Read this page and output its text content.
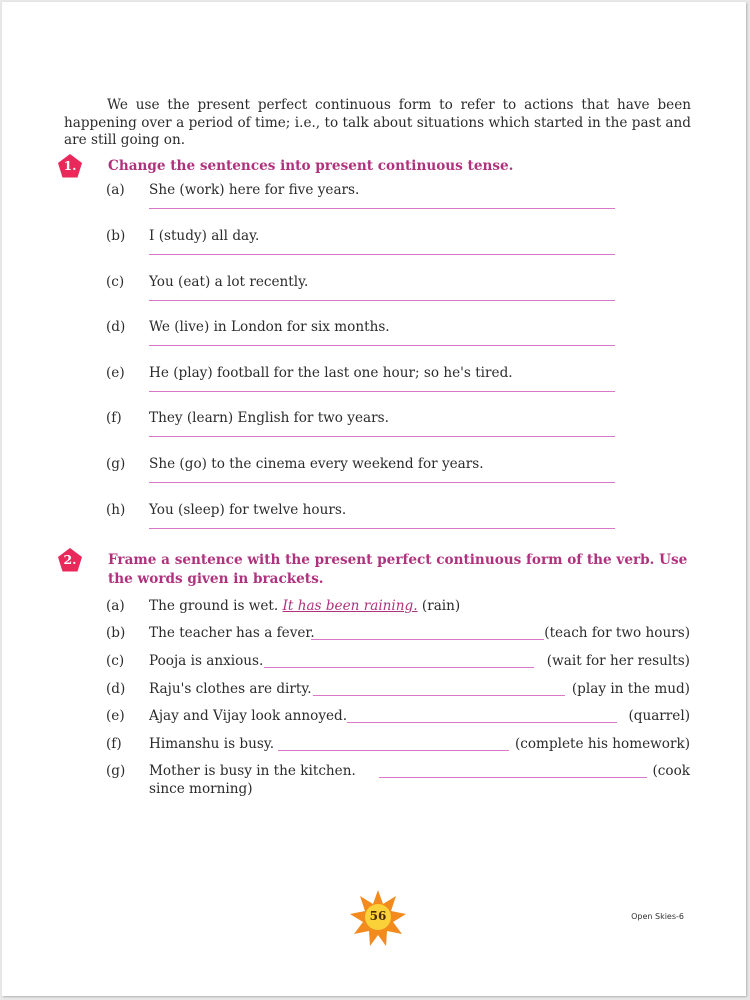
We use the present perfect continuous form to refer to actions that have been happening over a period of time; i.e., to talk about situations which started in the past and are still going on.

1.	Change the sentences into present continuous tense.

(a) She (work) here for five years.
(b) I (study) all day.
(c) You (eat) a lot recently.
(d) We (live) in London for six months.
(e) He (play) football for the last one hour; so he's tired.
(f) They (learn) English for two years.
(g) She (go) to the cinema every weekend for years.
(h) You (sleep) for twelve hours.
2.	Frame a sentence with the present perfect continuous form of the verb. Use the words given in brackets.

(a) The ground is wet. It has been raining. (rain)
(b) The teacher has a fever.	(teach for two hours)
(c) Pooja is anxious.	(wait for her results)
(d) Raju's clothes are dirty.	(play in the mud)
(e) Ajay and Vijay look annoyed.	(quarrel)
(f) Himanshu is busy.	(complete his homework)
(g) Mother is busy in the kitchen.	(cook
since morning)
56	Open Skies-6
